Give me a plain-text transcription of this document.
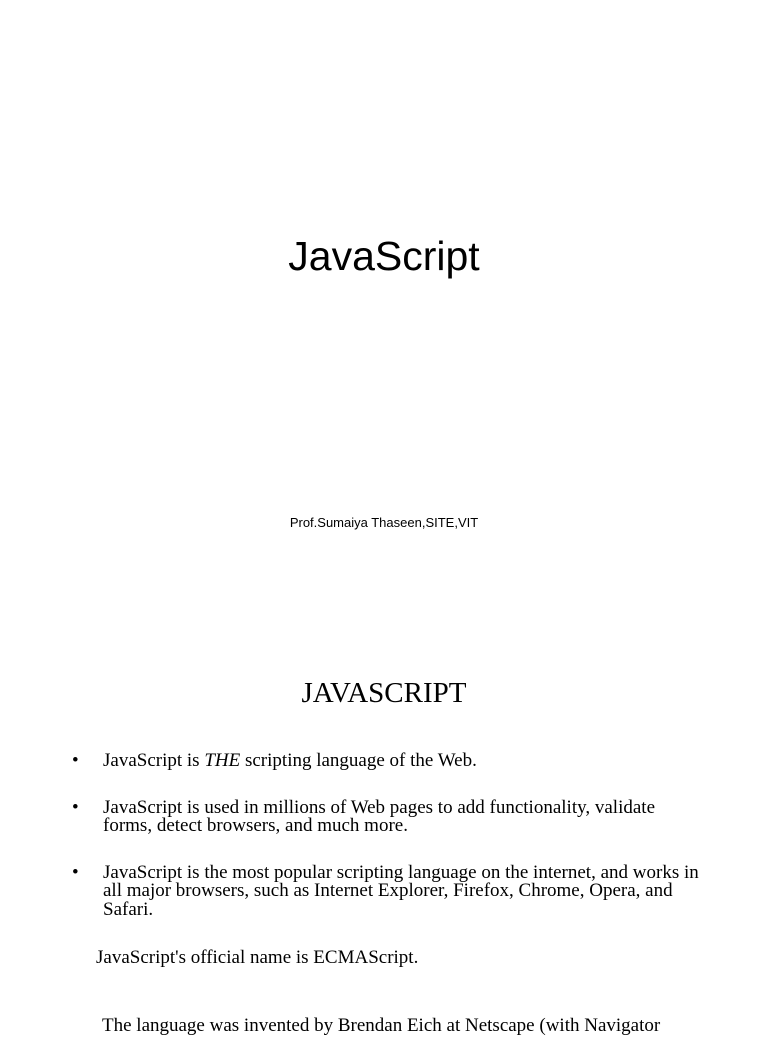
JavaScript
Prof.Sumaiya Thaseen,SITE,VIT
JAVASCRIPT
•	JavaScript is THE scripting language of the Web.
•	JavaScript is used in millions of Web pages to add functionality, validate forms, detect browsers, and much more.
•	JavaScript is the most popular scripting language on the internet, and works in all major browsers, such as Internet Explorer, Firefox, Chrome, Opera, and Safari.
JavaScript's official name is ECMAScript.
The language was invented by Brendan Eich at Netscape (with Navigator
